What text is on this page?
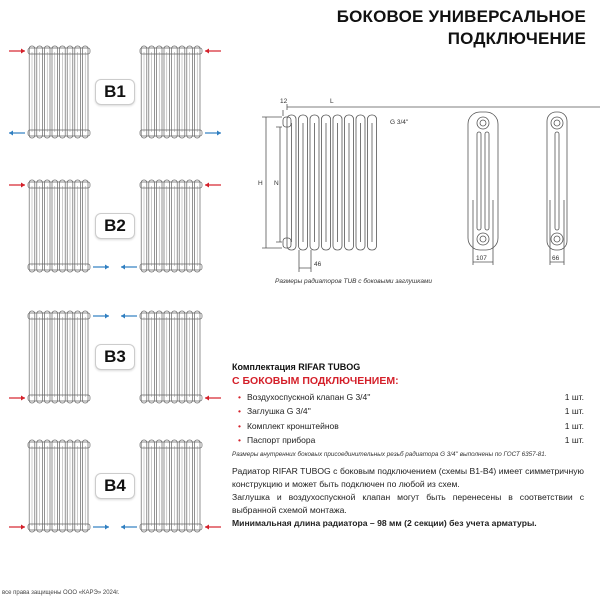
БОКОВОЕ УНИВЕРСАЛЬНОЕ
ПОДКЛЮЧЕНИЕ
B1
B2
B3
B4
12	L
G 3/4''
H N
46
107	66
Размеры радиаторов TUB с боковыми заглушками
Комплектация RIFAR TUBOG
С БОКОВЫМ ПОДКЛЮЧЕНИЕМ:
• Воздухоспускной клапан G 3/4''	1 шт.
• Заглушка G 3/4''	1 шт.
• Комплект кронштейнов	1 шт.
• Паспорт прибора	1 шт.
Размеры внутренних боковых присоединительных резьб радиатора G 3/4'' выполнены по ГОСТ 6357-81.
Радиатор RIFAR TUBOG с боковым подключением (схемы B1-B4) имеет симметричную конструкцию и может быть подключен по любой из схем.
Заглушка и воздухоспускной клапан могут быть перенесены в соответствии с выбранной схемой монтажа.
Минимальная длина радиатора – 98 мм (2 секции) без учета арматуры.
все права защищены ООО «КАРЭ» 2024г.
